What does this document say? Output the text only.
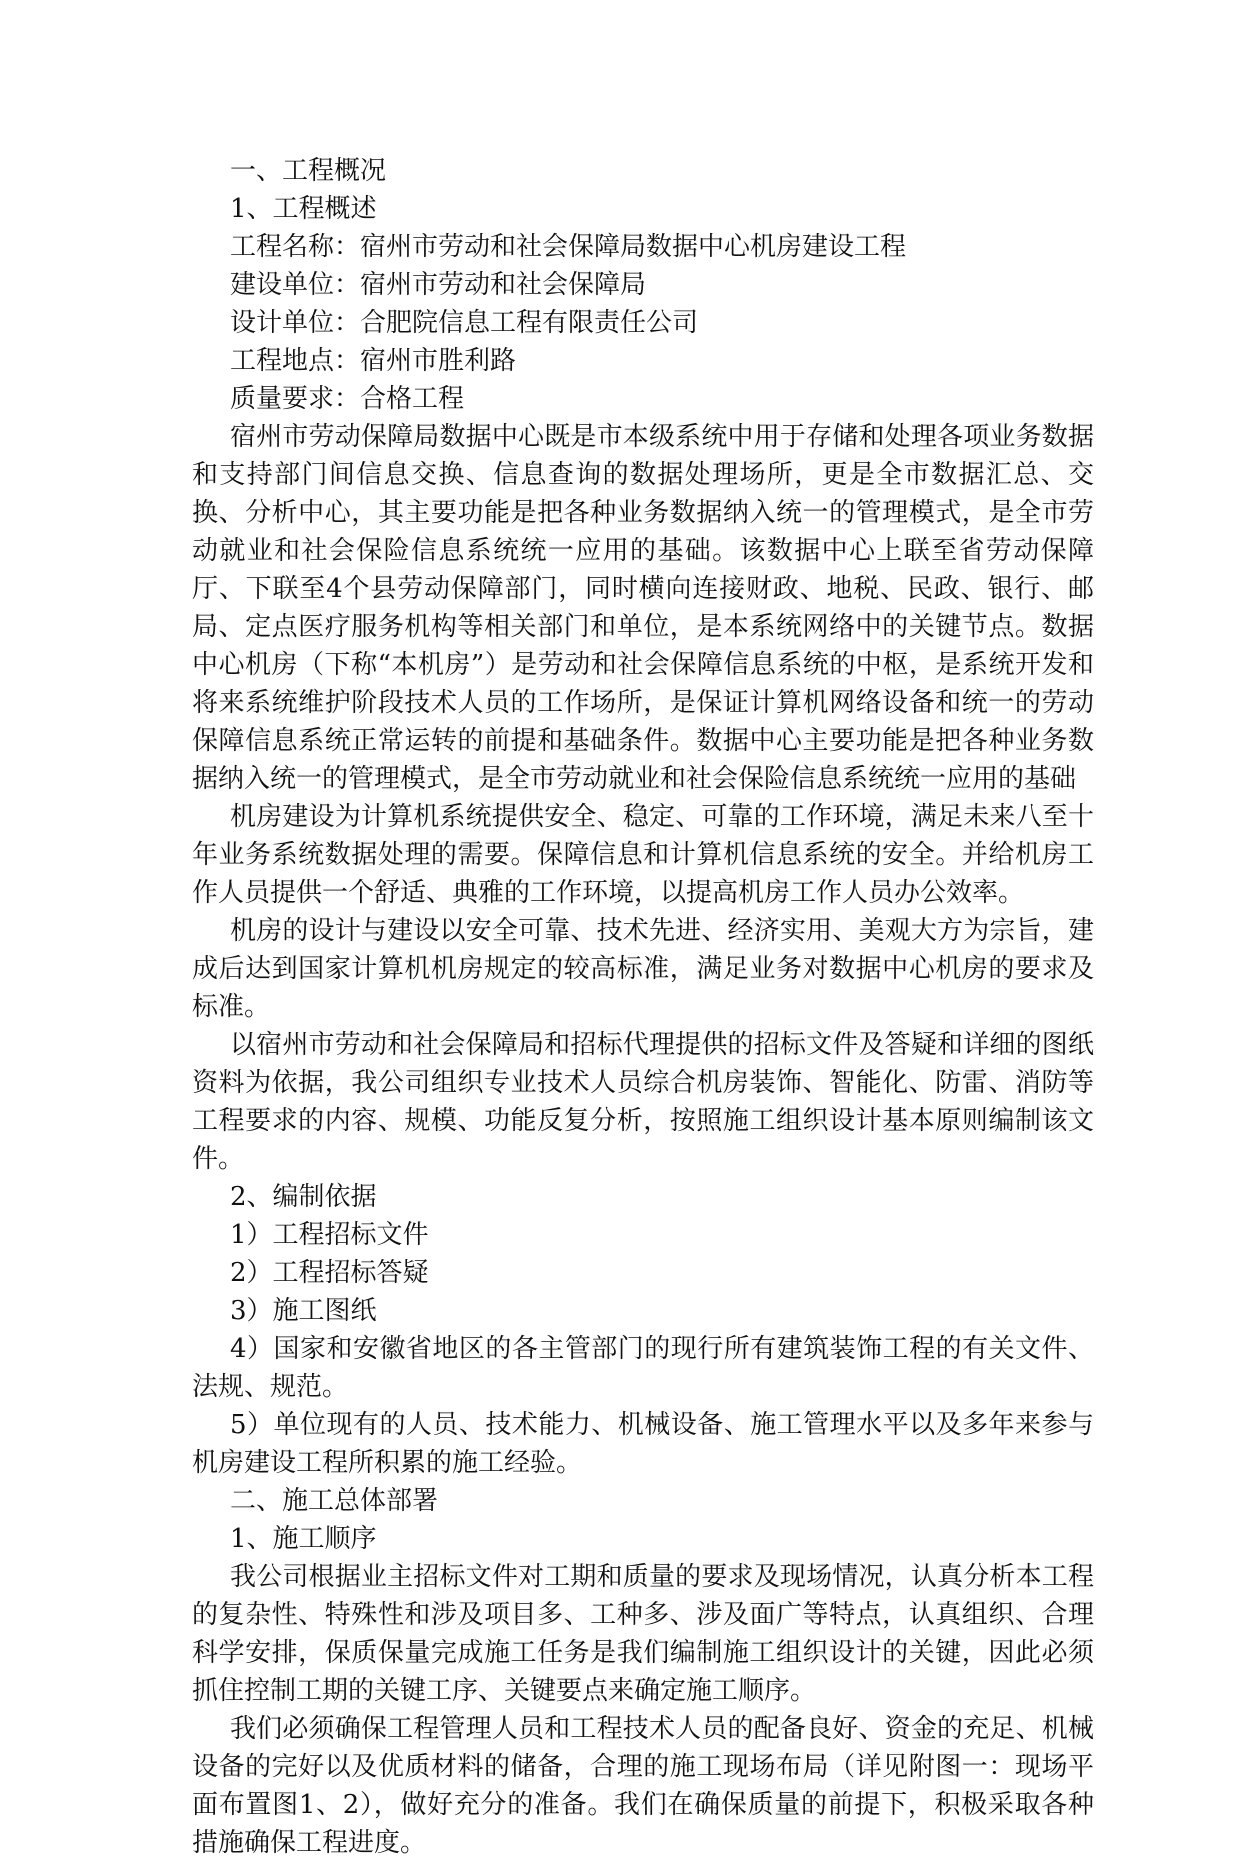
一、工程概况

1、工程概述

工程名称：宿州市劳动和社会保障局数据中心机房建设工程

建设单位：宿州市劳动和社会保障局

设计单位：合肥院信息工程有限责任公司

工程地点：宿州市胜利路

质量要求：合格工程

宿州市劳动保障局数据中心既是市本级系统中用于存储和处理各项业务数据和支持部门间信息交换、信息查询的数据处理场所，更是全市数据汇总、交换、分析中心，其主要功能是把各种业务数据纳入统一的管理模式，是全市劳动就业和社会保险信息系统统一应用的基础。该数据中心上联至省劳动保障厅、下联至4个县劳动保障部门，同时横向连接财政、地税、民政、银行、邮局、定点医疗服务机构等相关部门和单位，是本系统网络中的关键节点。数据中心机房（下称“本机房”）是劳动和社会保障信息系统的中枢，是系统开发和将来系统维护阶段技术人员的工作场所，是保证计算机网络设备和统一的劳动保障信息系统正常运转的前提和基础条件。数据中心主要功能是把各种业务数据纳入统一的管理模式，是全市劳动就业和社会保险信息系统统一应用的基础

机房建设为计算机系统提供安全、稳定、可靠的工作环境，满足未来八至十年业务系统数据处理的需要。保障信息和计算机信息系统的安全。并给机房工作人员提供一个舒适、典雅的工作环境，以提高机房工作人员办公效率。

机房的设计与建设以安全可靠、技术先进、经济实用、美观大方为宗旨，建成后达到国家计算机机房规定的较高标准，满足业务对数据中心机房的要求及标准。

以宿州市劳动和社会保障局和招标代理提供的招标文件及答疑和详细的图纸资料为依据，我公司组织专业技术人员综合机房装饰、智能化、防雷、消防等工程要求的内容、规模、功能反复分析，按照施工组织设计基本原则编制该文件。

2、编制依据

1）工程招标文件

2）工程招标答疑

3）施工图纸

4）国家和安徽省地区的各主管部门的现行所有建筑装饰工程的有关文件、法规、规范。

5）单位现有的人员、技术能力、机械设备、施工管理水平以及多年来参与机房建设工程所积累的施工经验。

二、施工总体部署

1、施工顺序

我公司根据业主招标文件对工期和质量的要求及现场情况，认真分析本工程的复杂性、特殊性和涉及项目多、工种多、涉及面广等特点，认真组织、合理科学安排，保质保量完成施工任务是我们编制施工组织设计的关键，因此必须抓住控制工期的关键工序、关键要点来确定施工顺序。

我们必须确保工程管理人员和工程技术人员的配备良好、资金的充足、机械设备的完好以及优质材料的储备，合理的施工现场布局（详见附图一：现场平面布置图1、2），做好充分的准备。我们在确保质量的前提下，积极采取各种措施确保工程进度。
